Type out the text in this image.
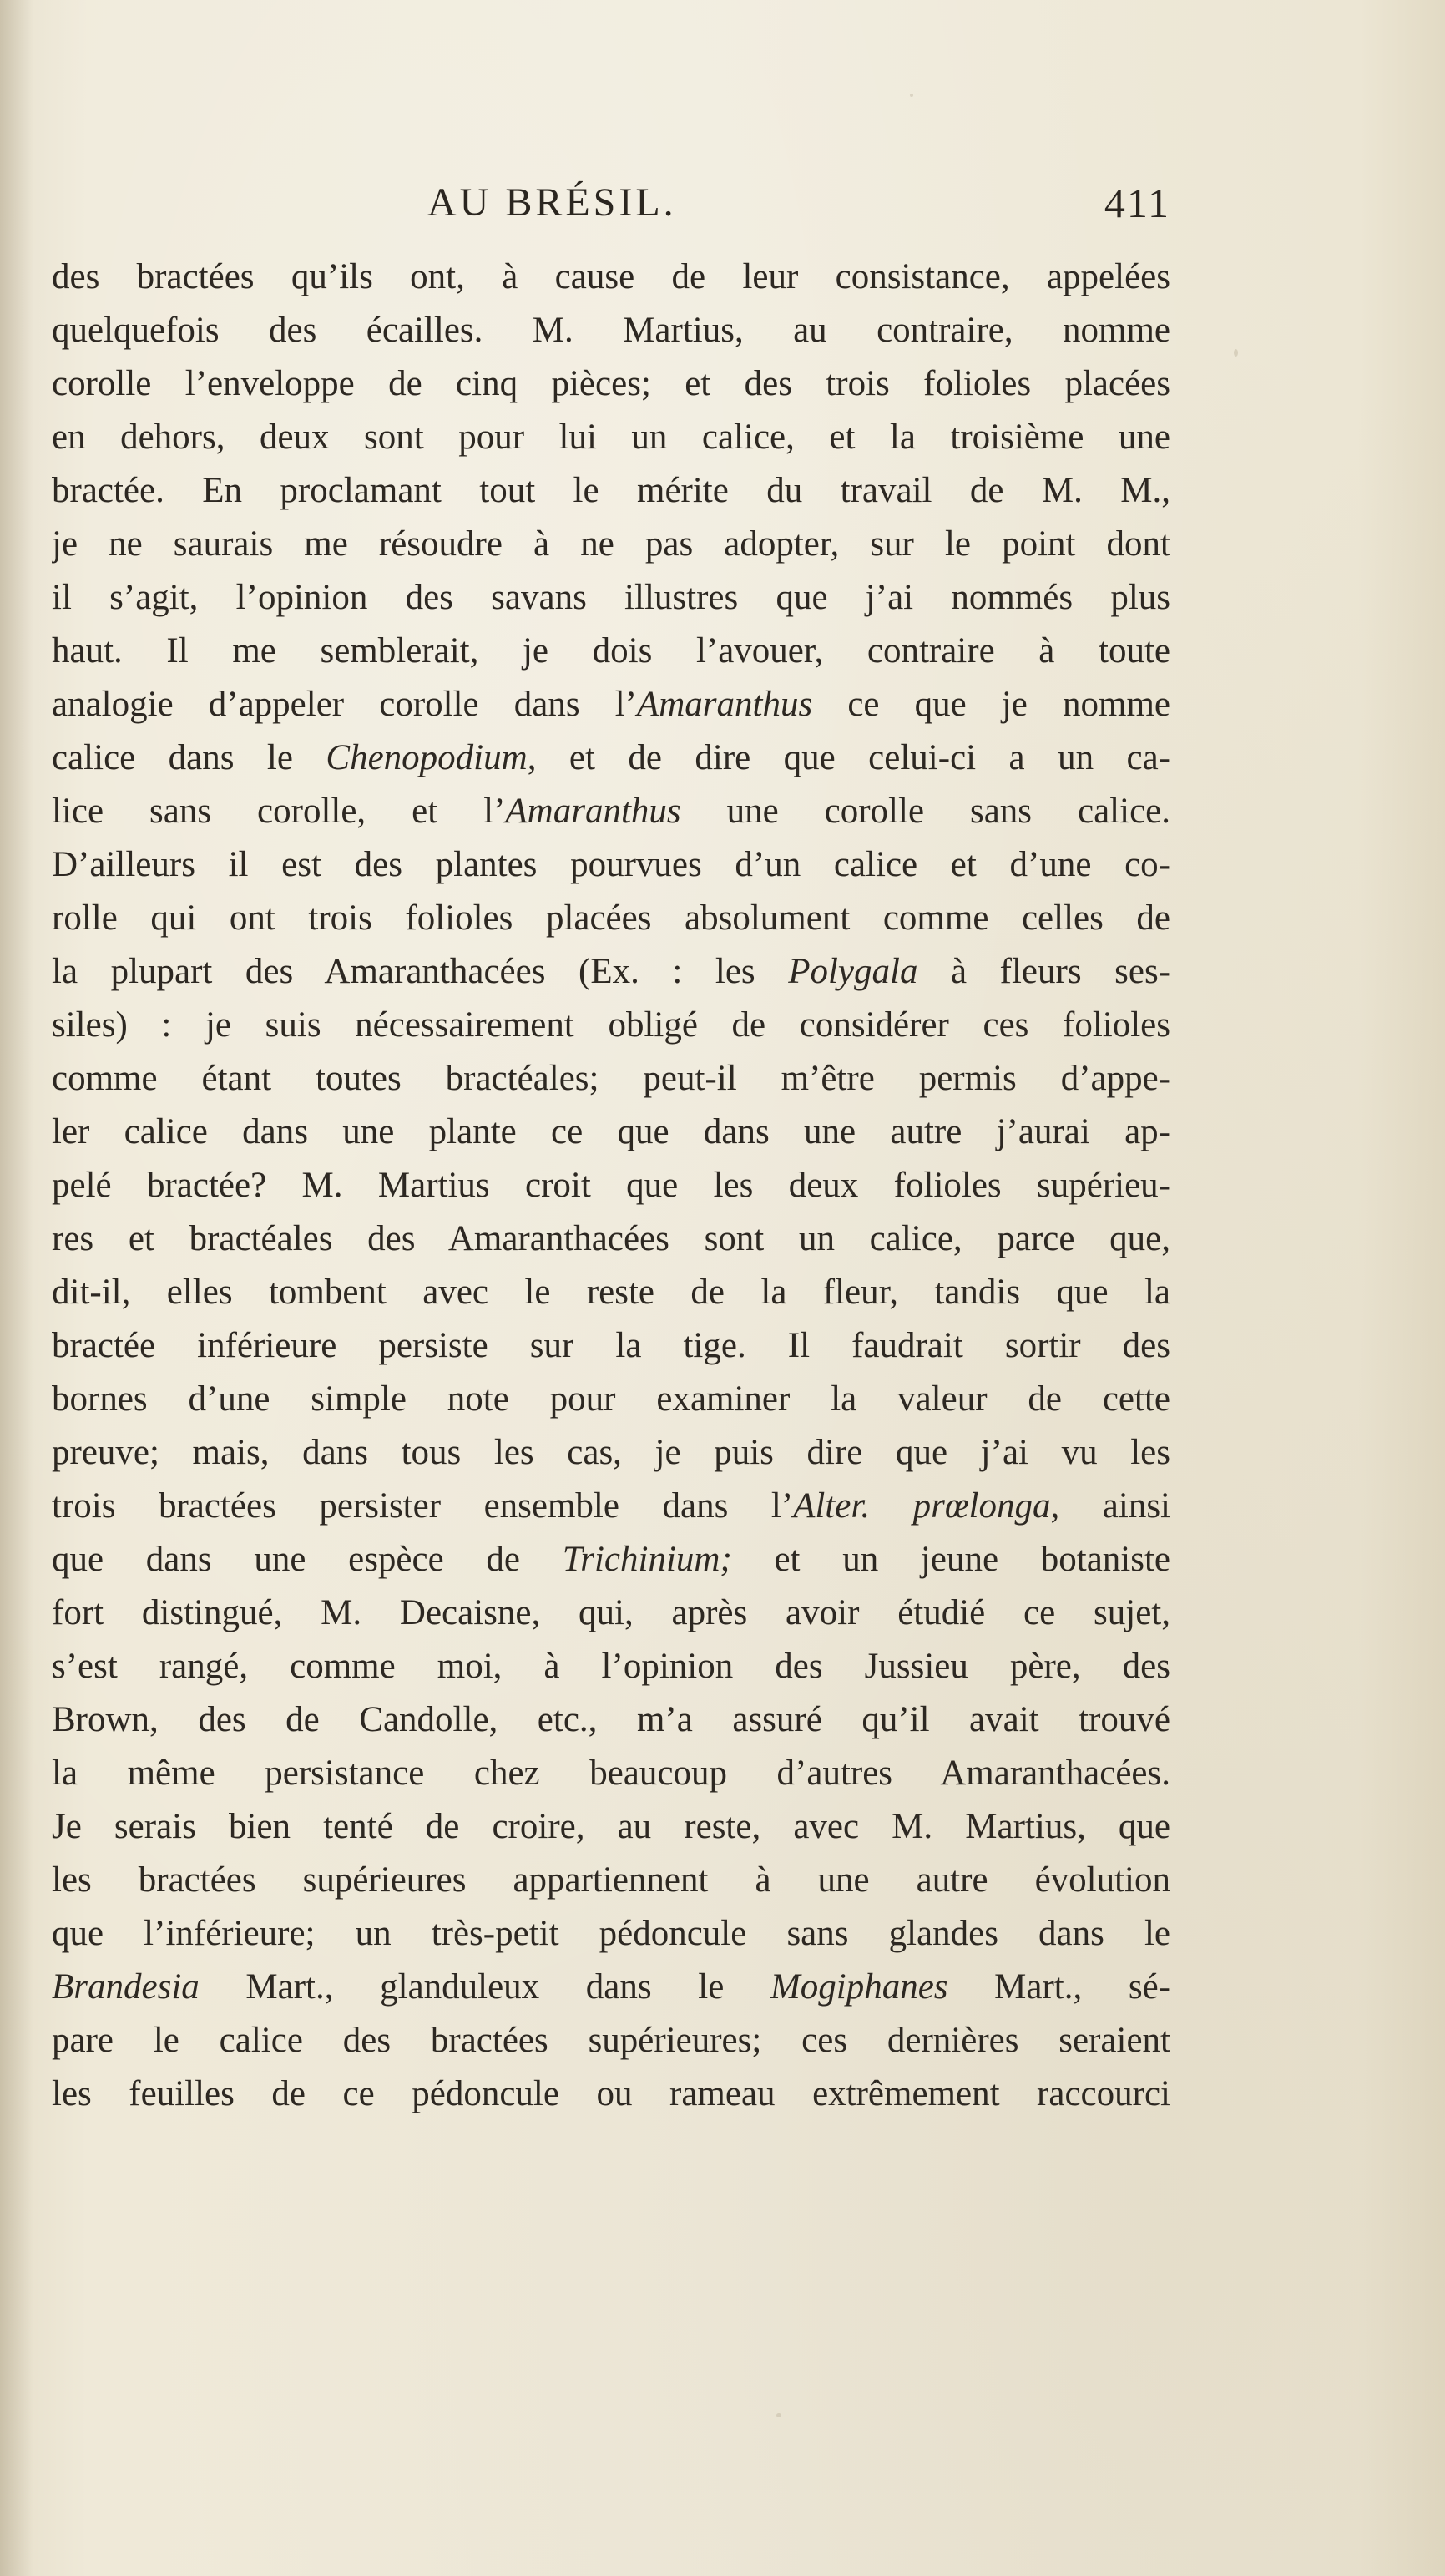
AU BRÉSIL.	411
des bractées qu’ils ont, à cause de leur consistance, appelées
quelquefois des écailles. M. Martius, au contraire, nomme
corolle l’enveloppe de cinq pièces; et des trois folioles placées
en dehors, deux sont pour lui un calice, et la troisième une
bractée. En proclamant tout le mérite du travail de M. M.,
je ne saurais me résoudre à ne pas adopter, sur le point dont
il s’agit, l’opinion des savans illustres que j’ai nommés plus
haut. Il me semblerait, je dois l’avouer, contraire à toute
analogie d’appeler corolle dans l’Amaranthus ce que je nomme
calice dans le Chenopodium, et de dire que celui-ci a un ca-
lice sans corolle, et l’Amaranthus une corolle sans calice.
D’ailleurs il est des plantes pourvues d’un calice et d’une co-
rolle qui ont trois folioles placées absolument comme celles de
la plupart des Amaranthacées (Ex. : les Polygala à fleurs ses-
siles) : je suis nécessairement obligé de considérer ces folioles
comme étant toutes bractéales; peut-il m’être permis d’appe-
ler calice dans une plante ce que dans une autre j’aurai ap-
pelé bractée? M. Martius croit que les deux folioles supérieu-
res et bractéales des Amaranthacées sont un calice, parce que,
dit-il, elles tombent avec le reste de la fleur, tandis que la
bractée inférieure persiste sur la tige. Il faudrait sortir des
bornes d’une simple note pour examiner la valeur de cette
preuve; mais, dans tous les cas, je puis dire que j’ai vu les
trois bractées persister ensemble dans l’Alter. prœlonga, ainsi
que dans une espèce de Trichinium; et un jeune botaniste
fort distingué, M. Decaisne, qui, après avoir étudié ce sujet,
s’est rangé, comme moi, à l’opinion des Jussieu père, des
Brown, des de Candolle, etc., m’a assuré qu’il avait trouvé
la même persistance chez beaucoup d’autres Amaranthacées.
Je serais bien tenté de croire, au reste, avec M. Martius, que
les bractées supérieures appartiennent à une autre évolution
que l’inférieure; un très-petit pédoncule sans glandes dans le
Brandesia Mart., glanduleux dans le Mogiphanes Mart., sé-
pare le calice des bractées supérieures; ces dernières seraient
les feuilles de ce pédoncule ou rameau extrêmement raccourci
